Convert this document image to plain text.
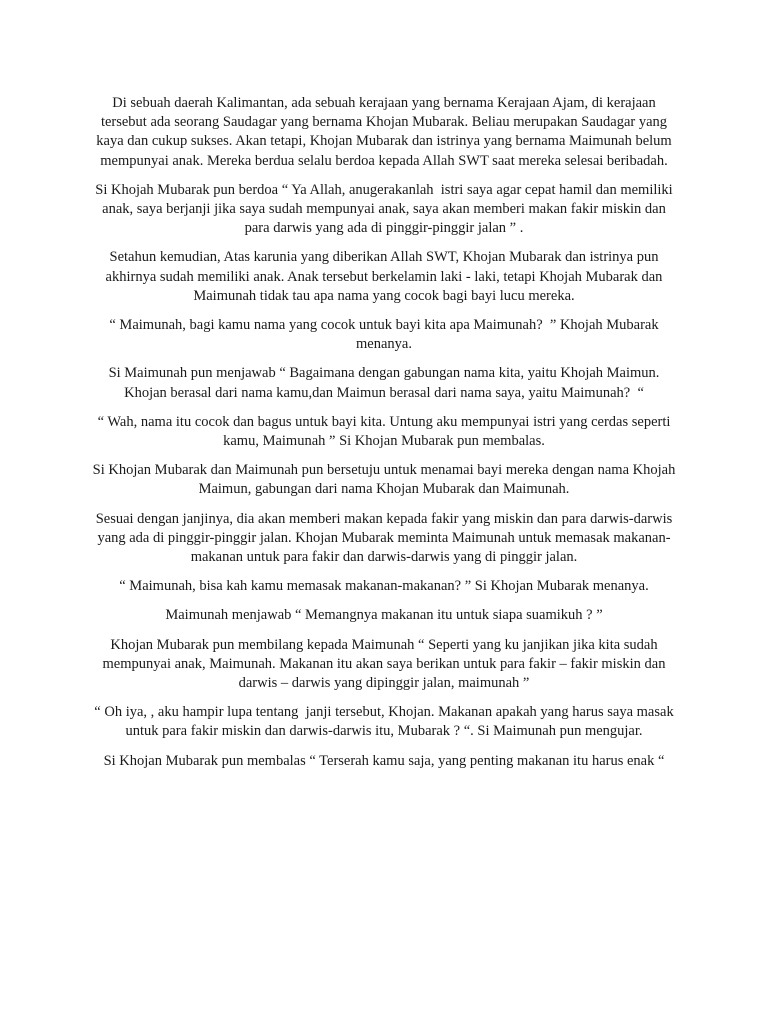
Di sebuah daerah Kalimantan, ada sebuah kerajaan yang bernama Kerajaan Ajam, di kerajaan tersebut ada seorang Saudagar yang bernama Khojan Mubarak. Beliau merupakan Saudagar yang kaya dan cukup sukses. Akan tetapi, Khojan Mubarak dan istrinya yang bernama Maimunah belum mempunyai anak. Mereka berdua selalu berdoa kepada Allah SWT saat mereka selesai beribadah.

Si Khojah Mubarak pun berdoa “ Ya Allah, anugerakanlah  istri saya agar cepat hamil dan memiliki anak, saya berjanji jika saya sudah mempunyai anak, saya akan memberi makan fakir miskin dan para darwis yang ada di pinggir-pinggir jalan ” .

Setahun kemudian, Atas karunia yang diberikan Allah SWT, Khojan Mubarak dan istrinya pun akhirnya sudah memiliki anak. Anak tersebut berkelamin laki - laki, tetapi Khojah Mubarak dan Maimunah tidak tau apa nama yang cocok bagi bayi lucu mereka.

“ Maimunah, bagi kamu nama yang cocok untuk bayi kita apa Maimunah?  ” Khojah Mubarak menanya.

Si Maimunah pun menjawab “ Bagaimana dengan gabungan nama kita, yaitu Khojah Maimun. Khojan berasal dari nama kamu,dan Maimun berasal dari nama saya, yaitu Maimunah?  “

“ Wah, nama itu cocok dan bagus untuk bayi kita. Untung aku mempunyai istri yang cerdas seperti kamu, Maimunah ” Si Khojan Mubarak pun membalas.

Si Khojan Mubarak dan Maimunah pun bersetuju untuk menamai bayi mereka dengan nama Khojah Maimun, gabungan dari nama Khojan Mubarak dan Maimunah.

Sesuai dengan janjinya, dia akan memberi makan kepada fakir yang miskin dan para darwis-darwis yang ada di pinggir-pinggir jalan. Khojan Mubarak meminta Maimunah untuk memasak makanan-makanan untuk para fakir dan darwis-darwis yang di pinggir jalan.

“ Maimunah, bisa kah kamu memasak makanan-makanan? ” Si Khojan Mubarak menanya.

Maimunah menjawab “ Memangnya makanan itu untuk siapa suamikuh ? ”

Khojan Mubarak pun membilang kepada Maimunah “ Seperti yang ku janjikan jika kita sudah mempunyai anak, Maimunah. Makanan itu akan saya berikan untuk para fakir – fakir miskin dan darwis – darwis yang dipinggir jalan, maimunah ”

“ Oh iya, , aku hampir lupa tentang  janji tersebut, Khojan. Makanan apakah yang harus saya masak untuk para fakir miskin dan darwis-darwis itu, Mubarak ? “. Si Maimunah pun mengujar.

Si Khojan Mubarak pun membalas “ Terserah kamu saja, yang penting makanan itu harus enak “
